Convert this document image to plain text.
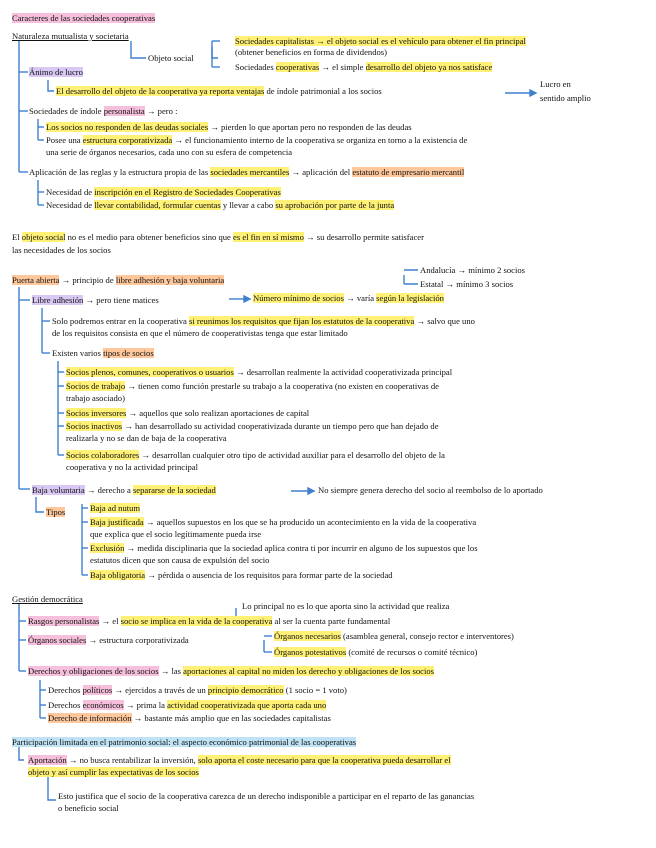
Caracteres de las sociedades cooperativas
Naturaleza mutualista y societaria
Objeto social
Sociedades capitalistas → el objeto social es el vehículo para obtener el fin principal
(obtener beneficios en forma de dividendos)
Sociedades cooperativas → el simple desarrollo del objeto ya nos satisface
Ánimo de lucro
El desarrollo del objeto de la cooperativa ya reporta ventajas de índole patrimonial a los socios
Lucro en
sentido amplio
Sociedades de índole personalista → pero :
Los socios no responden de las deudas sociales → pierden lo que aportan pero no responden de las deudas
Posee una estructura corporativizada → el funcionamiento interno de la cooperativa se organiza en torno a la existencia de
una serie de órganos necesarios, cada uno con su esfera de competencia
Aplicación de las reglas y la estructura propia de las sociedades mercantiles → aplicación del estatuto de empresario mercantil
Necesidad de inscripción en el Registro de Sociedades Cooperativas
Necesidad de llevar contabilidad, formular cuentas y llevar a cabo su aprobación por parte de la junta
El objeto social no es el medio para obtener beneficios sino que es el fin en sí mismo → su desarrollo permite satisfacer
las necesidades de los socios
Puerta abierta → principio de libre adhesión y baja voluntaria
Andalucía → mínimo 2 socios
Estatal → mínimo 3 socios
Libre adhesión → pero tiene matices	Número mínimo de socios → varía según la legislación
Solo podremos entrar en la cooperativa si reunimos los requisitos que fijan los estatutos de la cooperativa → salvo que uno
de los requisitos consista en que el número de cooperativistas tenga que estar limitado
Existen varios tipos de socios
Socios plenos, comunes, cooperativos o usuarios → desarrollan realmente la actividad cooperativizada principal
Socios de trabajo → tienen como función prestarle su trabajo a la cooperativa (no existen en cooperativas de
trabajo asociado)
Socios inversores → aquellos que solo realizan aportaciones de capital
Socios inactivos → han desarrollado su actividad cooperativizada durante un tiempo pero que han dejado de
realizarla y no se dan de baja de la cooperativa
Socios colaboradores → desarrollan cualquier otro tipo de actividad auxiliar para el desarrollo del objeto de la
cooperativa y no la actividad principal
Baja voluntaria → derecho a separarse de la sociedad	No siempre genera derecho del socio al reembolso de lo aportado
Tipos	Baja ad nutum
Baja justificada → aquellos supuestos en los que se ha producido un acontecimiento en la vida de la cooperativa
que explica que el socio legítimamente pueda irse
Exclusión → medida disciplinaria que la sociedad aplica contra ti por incurrir en alguno de los supuestos que los
estatutos dicen que son causa de expulsión del socio
Baja obligatoria → pérdida o ausencia de los requisitos para formar parte de la sociedad
Gestión democrática
Lo principal no es lo que aporta sino la actividad que realiza
Rasgos personalistas → el socio se implica en la vida de la cooperativa al ser la cuenta parte fundamental
Órganos sociales → estructura corporativizada	Órganos necesarios (asamblea general, consejo rector e interventores)
Órganos potestativos (comité de recursos o comité técnico)
Derechos y obligaciones de los socios → las aportaciones al capital no miden los derecho y obligaciones de los socios
Derechos políticos → ejercidos a través de un principio democrático (1 socio = 1 voto)
Derechos económicos → prima la actividad cooperativizada que aporta cada uno
Derecho de información → bastante más amplio que en las sociedades capitalistas
Participación limitada en el patrimonio social: el aspecto económico patrimonial de las cooperativas
Aportación → no busca rentabilizar la inversión, solo aporta el coste necesario para que la cooperativa pueda desarrollar el
objeto y así cumplir las expectativas de los socios
Esto justifica que el socio de la cooperativa carezca de un derecho indisponible a participar en el reparto de las ganancias
o beneficio social
